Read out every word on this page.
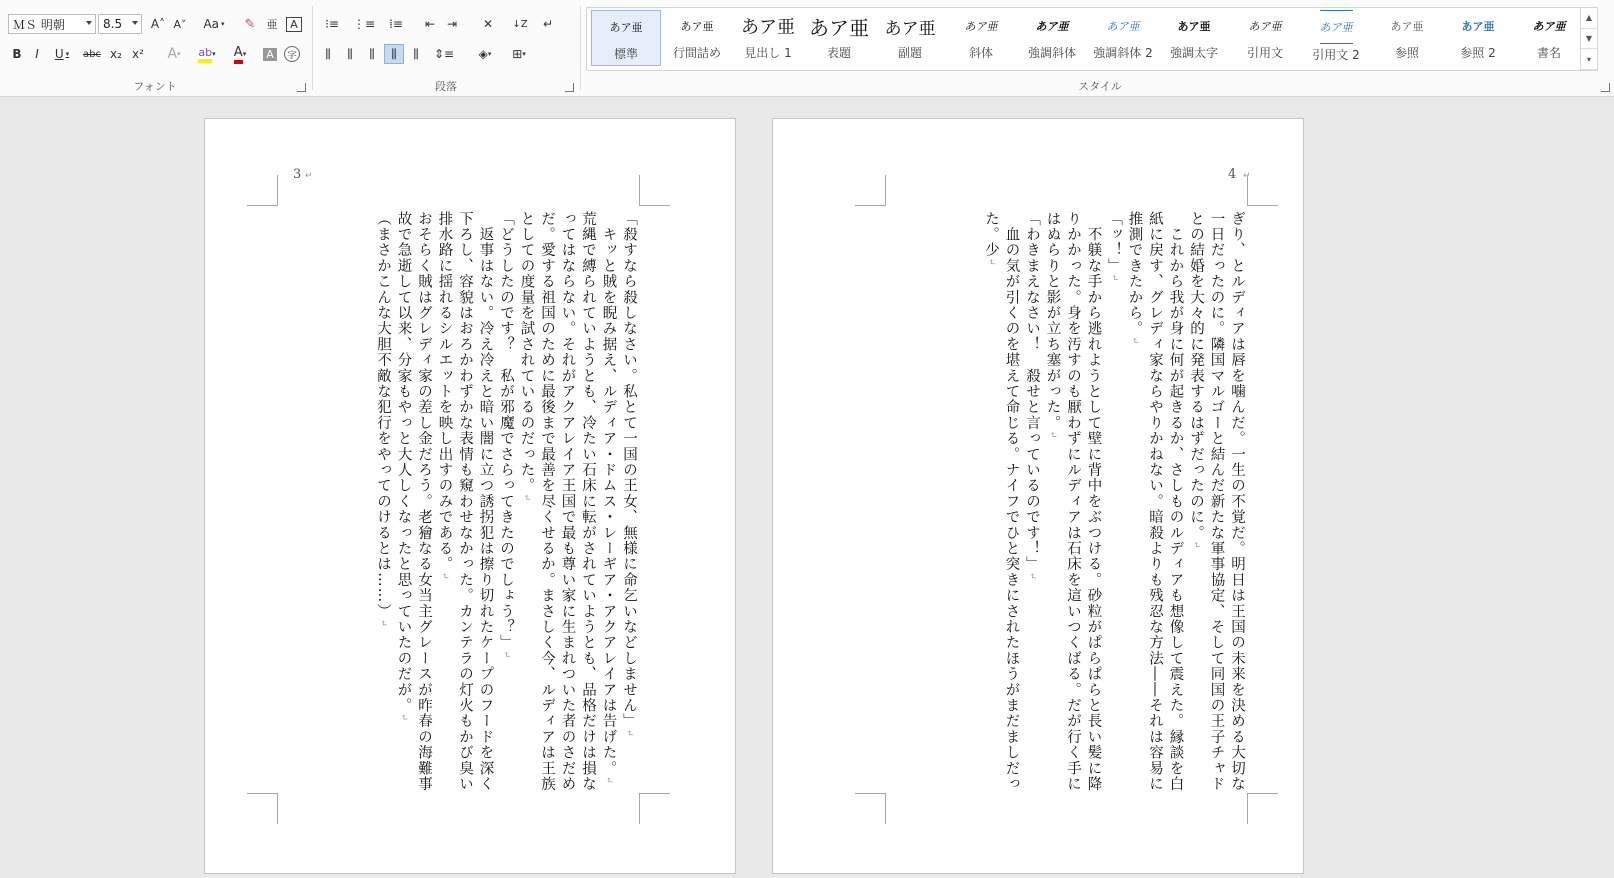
ＭＳ 明朝	8.5 A˄ A˅ Aa ▾ ✎ 亜	A
B I U ▾ abc x₂ x² A ▾ ab ▾ A ▾ A	字
フォント
⁝≡ ⋮≡ ⁞≡ ⇤ ⇥ ✕ ↓Z ↵
⫼ ⫼ ⫼ ⫼ ⫼ ⇕≡ ◈ ▾ ⊞ ▾
段落
あア亜
標準
あア亜
行間詰め
あア亜
見出し 1
あア亜
表題
あア亜
副題
あア亜
斜体
あア亜
強調斜体
あア亜
強調斜体 2
あア亜
強調太字
あア亜
引用文
あア亜
引用文 2
あア亜
参照
あア亜
参照 2
あア亜
書名
▲
▼
▾
スタイル
3 ↵

「殺すなら殺しなさい。私とて一国の王女、無様に命乞いなどしません」↵

　キッと賊を睨み据え、ルディア・ドムス・レーギア・アクアレイアは告げた。↵

荒縄で縛られていようとも、冷たい石床に転がされていようとも、品格だけは損なってはならない。それがアクアレイア王国で最も尊い家に生まれついた者のさだめだ。愛する祖国のために最後まで最善を尽くせるか。まさしく今、ルディアは王族としての度量を試されているのだった。↵

「どうしたのです？　私が邪魔でさらってきたのでしょう？」↵

　返事はない。冷え冷えと暗い闇に立つ誘拐犯は擦り切れたケープのフードを深く下ろし、容貌はおろかわずかな表情も窺わせなかった。カンテラの灯火もかび臭い排水路に揺れるシルエットを映し出すのみである。↵

おそらく賊はグレディ家の差し金だろう。老獪なる女当主グレースが昨春の海難事故で急逝して以来、分家もやっと大人しくなったと思っていたのだが。↵

（まさかこんな大胆不敵な犯行をやってのけるとは……）↵

4 ↵

ぎり、とルディアは唇を噛んだ。一生の不覚だ。明日は王国の未来を決める大切な一日だったのに。隣国マルゴーと結んだ新たな軍事協定、そして同国の王子チャドとの結婚を大々的に発表するはずだったのに。↵

　これから我が身に何が起きるか、さしものルディアも想像して震えた。縁談を白紙に戻す、グレディ家ならやりかねない。暗殺よりも残忍な方法――それは容易に推測できたから。↵

「ッ！」↵

　不躾な手から逃れようとして壁に背中をぶつける。砂粒がぱらぱらと長い髪に降りかかった。身を汚すのも厭わずにルディアは石床を這いつくばる。だが行く手にはぬらりと影が立ち塞がった。↵

「わきまえなさい！　殺せと言っているのです！」↵

　血の気が引くのを堪えて命じる。ナイフでひと突きにされたほうがまだましだった。少↵
